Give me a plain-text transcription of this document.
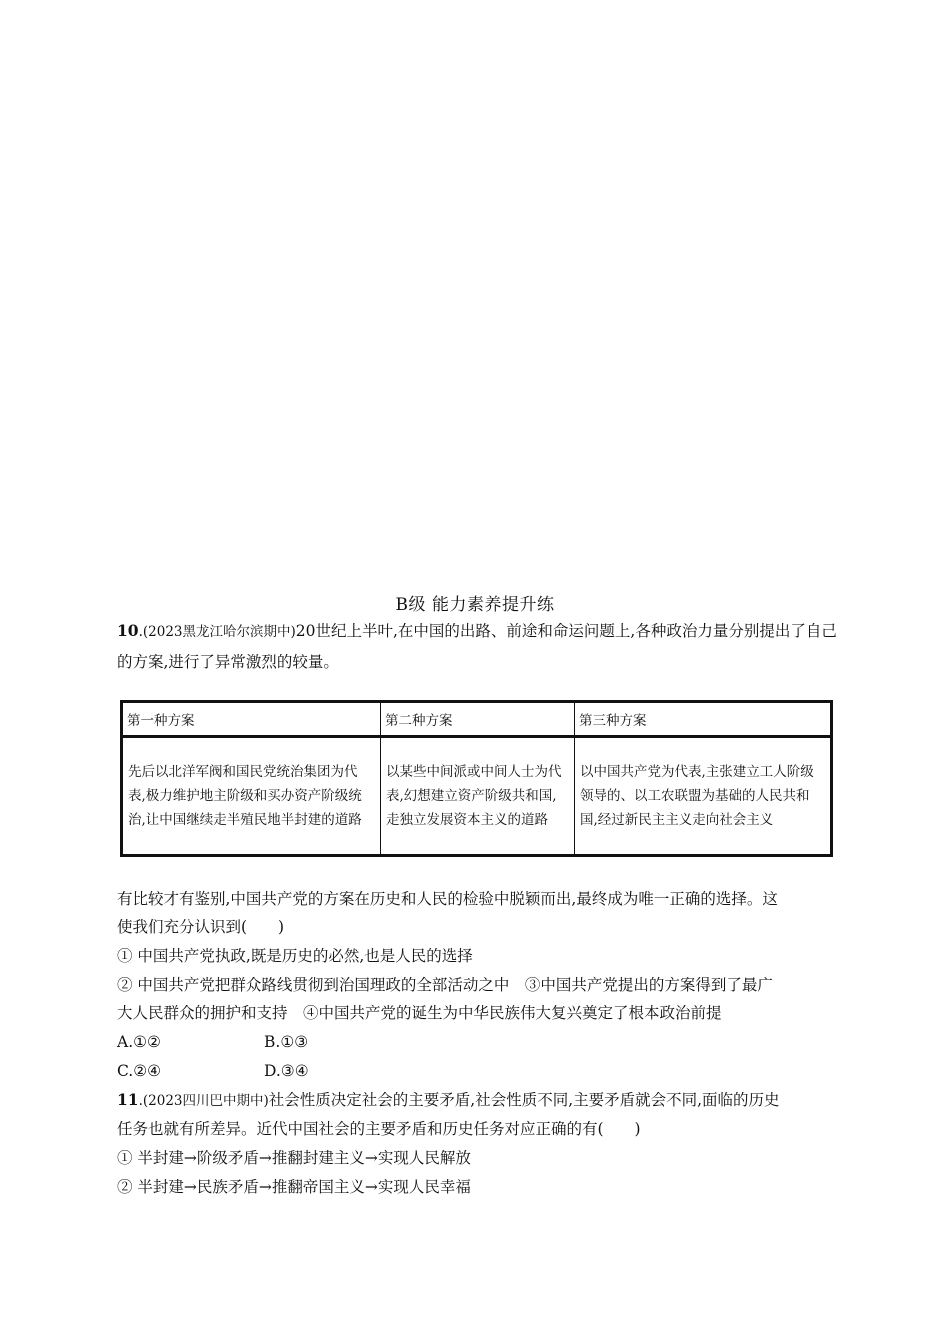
B级 能力素养提升练
10.(2023黑龙江哈尔滨期中)20世纪上半叶,在中国的出路、前途和命运问题上,各种政治力量分别提出了自己的方案,进行了异常激烈的较量。
第一种方案	第二种方案	第三种方案
先后以北洋军阀和国民党统治集团为代表,极力维护地主阶级和买办资产阶级统治,让中国继续走半殖民地半封建的道路	以某些中间派或中间人士为代表,幻想建立资产阶级共和国,走独立发展资本主义的道路	以中国共产党为代表,主张建立工人阶级领导的、以工农联盟为基础的人民共和国,经过新民主主义走向社会主义
有比较才有鉴别,中国共产党的方案在历史和人民的检验中脱颖而出,最终成为唯一正确的选择。这
使我们充分认识到(　　)
① 中国共产党执政,既是历史的必然,也是人民的选择
② 中国共产党把群众路线贯彻到治国理政的全部活动之中　③中国共产党提出的方案得到了最广
大人民群众的拥护和支持　④中国共产党的诞生为中华民族伟大复兴奠定了根本政治前提
A.①②	B.①③
C.②④	D.③④
11.(2023四川巴中期中)社会性质决定社会的主要矛盾,社会性质不同,主要矛盾就会不同,面临的历史
任务也就有所差异。近代中国社会的主要矛盾和历史任务对应正确的有(　　)
① 半封建→阶级矛盾→推翻封建主义→实现人民解放
② 半封建→民族矛盾→推翻帝国主义→实现人民幸福
